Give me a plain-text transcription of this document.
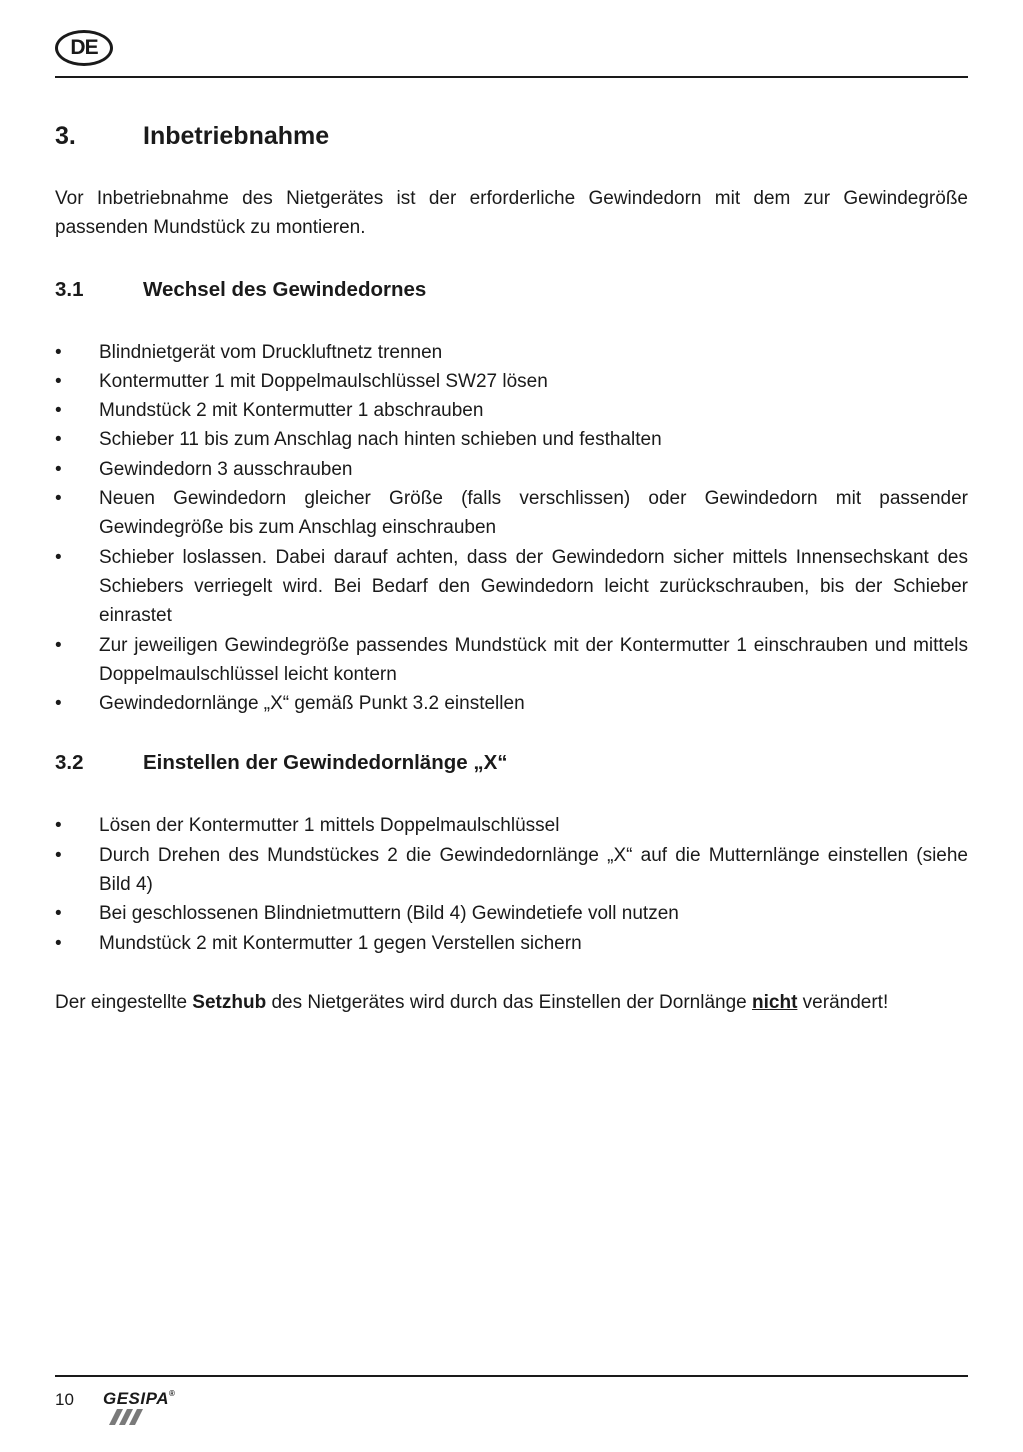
DE
3.	Inbetriebnahme

Vor Inbetriebnahme des Nietgerätes ist der erforderliche Gewindedorn mit dem zur Gewindegröße passenden Mundstück zu montieren.

3.1	Wechsel des Gewindedornes
• Blindnietgerät vom Druckluftnetz trennen
• Kontermutter 1 mit Doppelmaulschlüssel SW27 lösen
• Mundstück 2 mit Kontermutter 1 abschrauben
• Schieber 11 bis zum Anschlag nach hinten schieben und festhalten
• Gewindedorn 3 ausschrauben
• Neuen Gewindedorn gleicher Größe (falls verschlissen) oder Gewindedorn mit passender Gewindegröße bis zum Anschlag einschrauben
• Schieber loslassen. Dabei darauf achten, dass der Gewindedorn sicher mittels Innensechskant des Schiebers verriegelt wird. Bei Bedarf den Gewindedorn leicht zurückschrauben, bis der Schieber einrastet
• Zur jeweiligen Gewindegröße passendes Mundstück mit der Kontermutter 1 einschrauben und mittels Doppelmaulschlüssel leicht kontern
• Gewindedornlänge „X“ gemäß Punkt 3.2 einstellen
3.2	Einstellen der Gewindedornlänge „X“
• Lösen der Kontermutter 1 mittels Doppelmaulschlüssel
• Durch Drehen des Mundstückes 2 die Gewindedornlänge „X“ auf die Mutternlänge einstellen (siehe Bild 4)
• Bei geschlossenen Blindnietmuttern (Bild 4) Gewindetiefe voll nutzen
• Mundstück 2 mit Kontermutter 1 gegen Verstellen sichern

Der eingestellte Setzhub des Nietgerätes wird durch das Einstellen der Dornlänge nicht verändert!

10 GESIPA®
